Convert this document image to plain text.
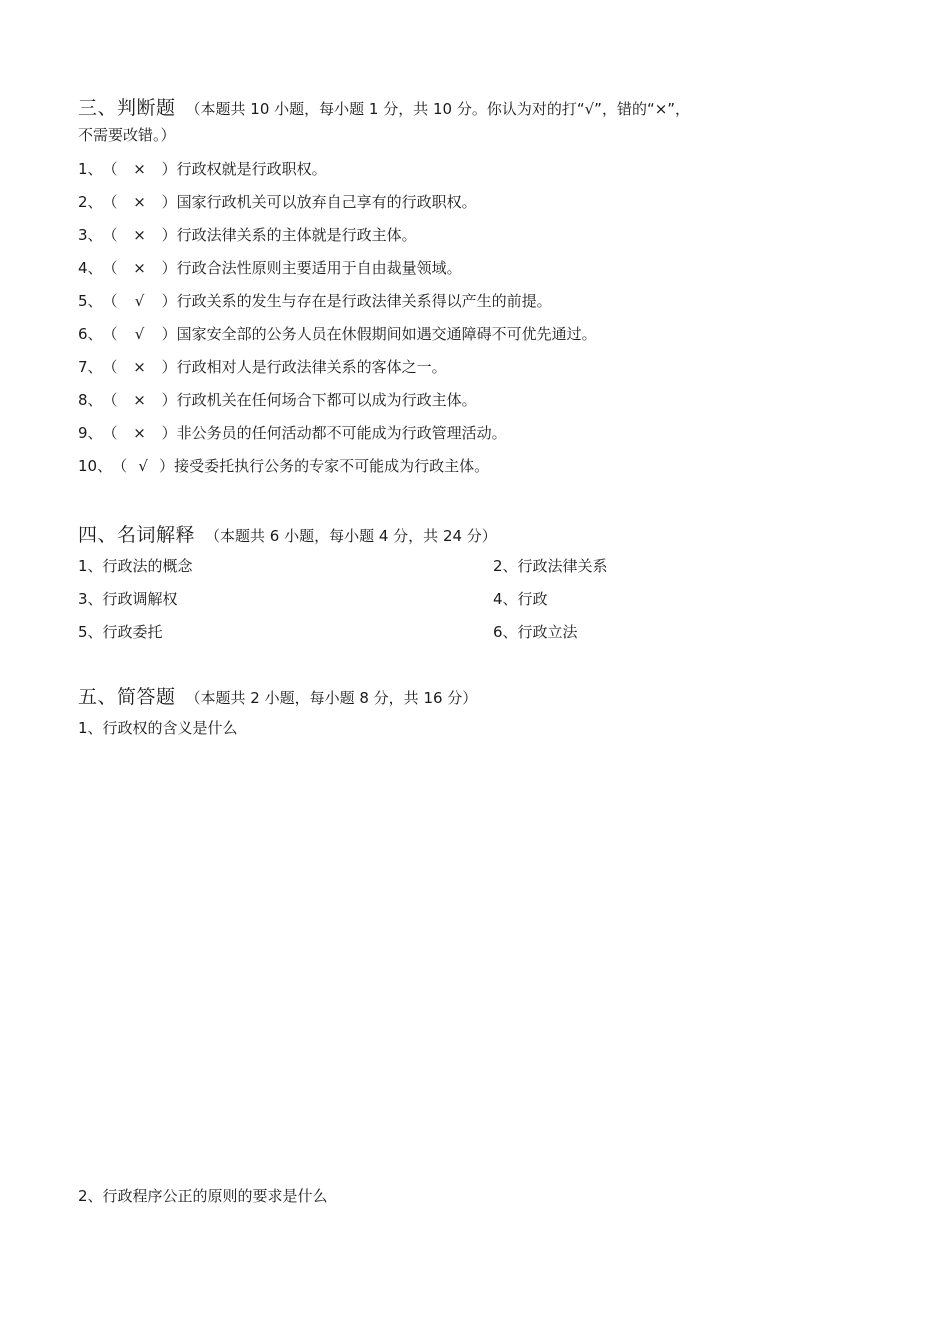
三、判断题 （本题共 10 小题，每小题 1 分，共 10 分。你认为对的打“√”，错的“×”，
不需要改错。）
1、（ × ）行政权就是行政职权。
2、（ × ）国家行政机关可以放弃自己享有的行政职权。
3、（ × ）行政法律关系的主体就是行政主体。
4、（ × ）行政合法性原则主要适用于自由裁量领域。
5、（ √ ）行政关系的发生与存在是行政法律关系得以产生的前提。
6、（ √ ）国家安全部的公务人员在休假期间如遇交通障碍不可优先通过。
7、（ × ）行政相对人是行政法律关系的客体之一。
8、（ × ）行政机关在任何场合下都可以成为行政主体。
9、（ × ）非公务员的任何活动都不可能成为行政管理活动。
10、（ √ ）接受委托执行公务的专家不可能成为行政主体。
四、名词解释 （本题共 6 小题，每小题 4 分，共 24 分）
1、行政法的概念	2、行政法律关系
3、行政调解权	4、行政
5、行政委托	6、行政立法
五、简答题 （本题共 2 小题，每小题 8 分，共 16 分）
1、行政权的含义是什么
2、行政程序公正的原则的要求是什么
